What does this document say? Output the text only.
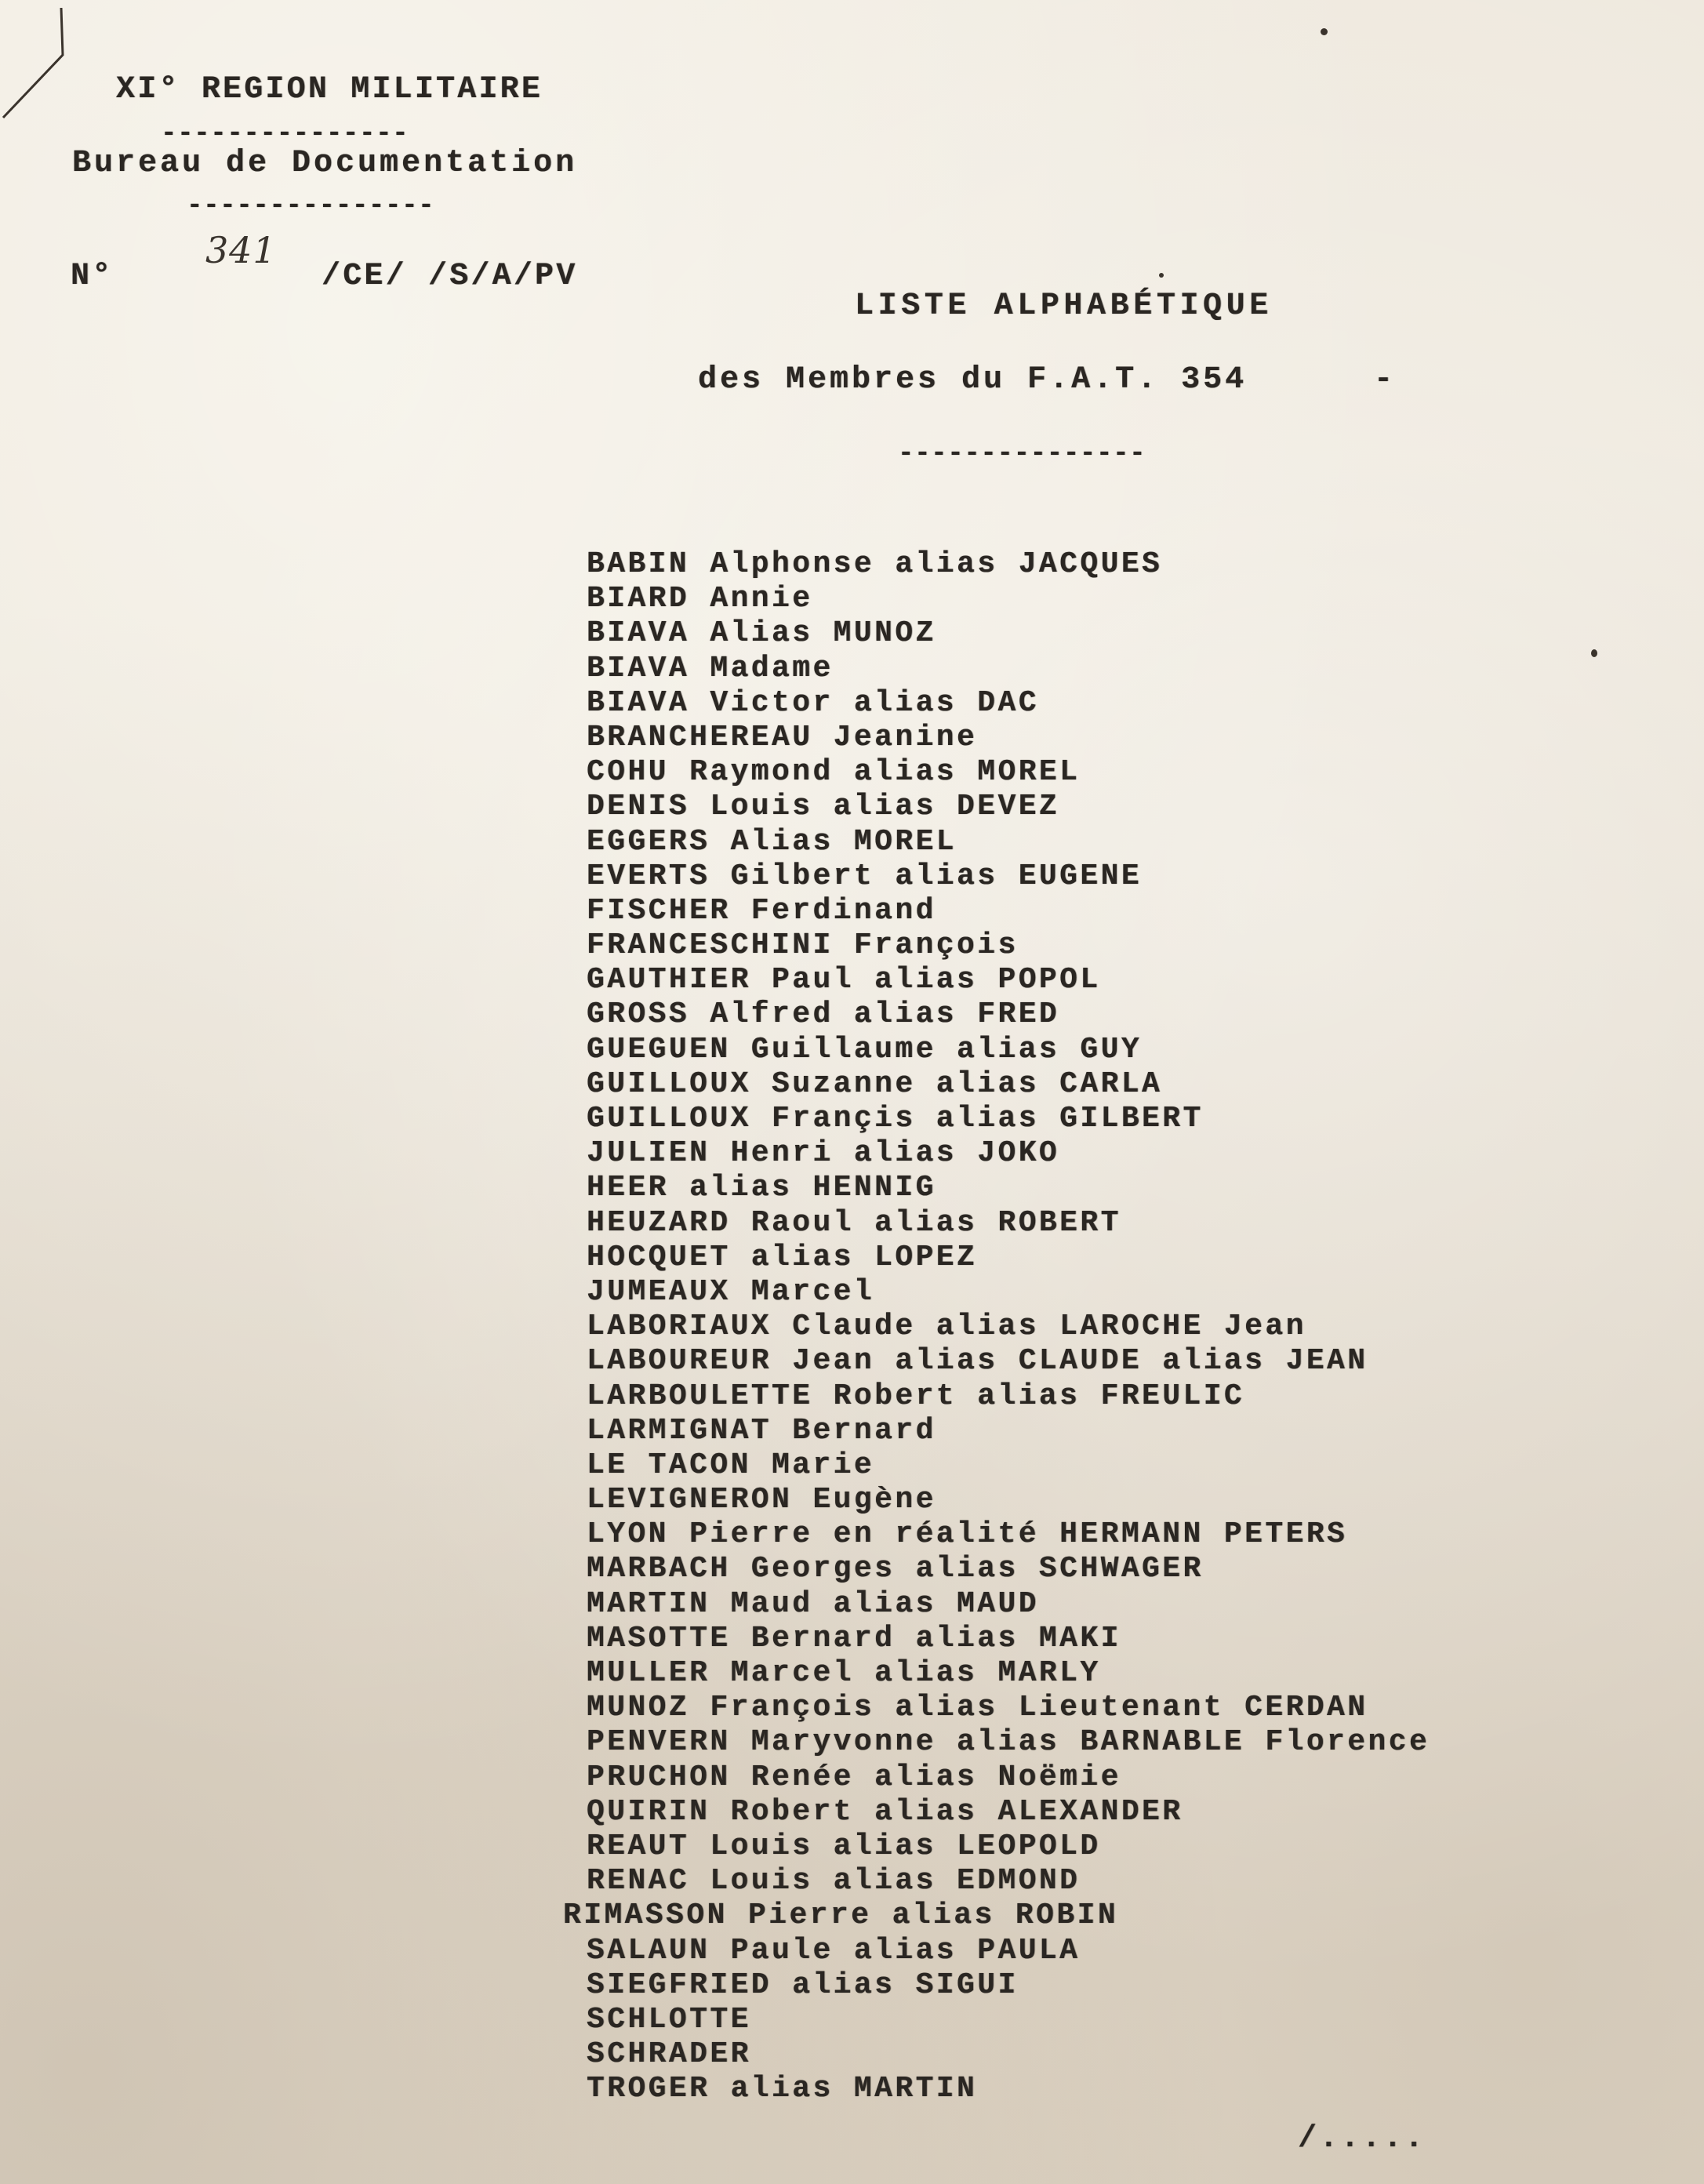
XI° REGION MILITAIRE
---------------
Bureau de Documentation
---------------
N°
341
/CE/ /S/A/PV
LISTE ALPHABÉTIQUE
des Membres du F.A.T. 354	-
---------------
BABIN Alphonse alias JACQUES
BIARD Annie
BIAVA Alias MUNOZ
BIAVA Madame
BIAVA Victor alias DAC
BRANCHEREAU Jeanine
COHU Raymond alias MOREL
DENIS Louis alias DEVEZ
EGGERS Alias MOREL
EVERTS Gilbert alias EUGENE
FISCHER Ferdinand
FRANCESCHINI François
GAUTHIER Paul alias POPOL
GROSS Alfred alias FRED
GUEGUEN Guillaume alias GUY
GUILLOUX Suzanne alias CARLA
GUILLOUX Françis alias GILBERT
JULIEN Henri alias JOKO
HEER alias HENNIG
HEUZARD Raoul alias ROBERT
HOCQUET alias LOPEZ
JUMEAUX Marcel
LABORIAUX Claude alias LAROCHE Jean
LABOUREUR Jean alias CLAUDE alias JEAN
LARBOULETTE Robert alias FREULIC
LARMIGNAT Bernard
LE TACON Marie
LEVIGNERON Eugène
LYON Pierre en réalité HERMANN PETERS
MARBACH Georges alias SCHWAGER
MARTIN Maud alias MAUD
MASOTTE Bernard alias MAKI
MULLER Marcel alias MARLY
MUNOZ François alias Lieutenant CERDAN
PENVERN Maryvonne alias BARNABLE Florence
PRUCHON Renée alias Noëmie
QUIRIN Robert alias ALEXANDER
REAUT Louis alias LEOPOLD
RENAC Louis alias EDMOND
RIMASSON Pierre alias ROBIN
SALAUN Paule alias PAULA
SIEGFRIED alias SIGUI
SCHLOTTE
SCHRADER
TROGER alias MARTIN
/.....
